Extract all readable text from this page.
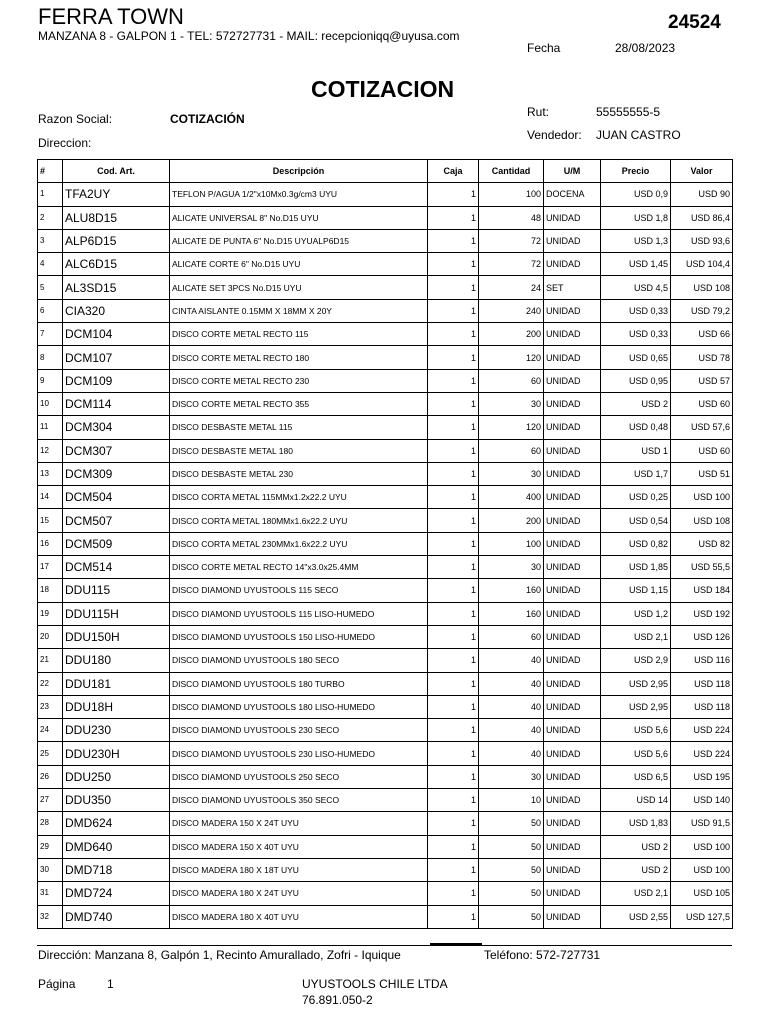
FERRA TOWN
MANZANA 8 - GALPON 1 - TEL: 572727731 - MAIL: recepcioniqq@uyusa.com
24524
Fecha	28/08/2023
COTIZACION
Razon Social:	COTIZACIÓN	Rut:	55555555-5
Direccion:
Vendedor: JUAN CASTRO
#	Cod. Art.	Descripción	Caja	Cantidad	U/M	Precio	Valor
1	TFA2UY	TEFLON P/AGUA 1/2"x10Mx0.3g/cm3 UYU	1	100	DOCENA	USD 0,9	USD 90
2	ALU8D15	ALICATE UNIVERSAL 8" No.D15 UYU	1	48	UNIDAD	USD 1,8	USD 86,4
3	ALP6D15	ALICATE DE PUNTA 6" No.D15 UYUALP6D15	1	72	UNIDAD	USD 1,3	USD 93,6
4	ALC6D15	ALICATE CORTE 6" No.D15 UYU	1	72	UNIDAD	USD 1,45	USD 104,4
5	AL3SD15	ALICATE SET 3PCS No.D15 UYU	1	24	SET	USD 4,5	USD 108
6	CIA320	CINTA AISLANTE 0.15MM X 18MM X 20Y	1	240	UNIDAD	USD 0,33	USD 79,2
7	DCM104	DISCO CORTE METAL RECTO 115	1	200	UNIDAD	USD 0,33	USD 66
8	DCM107	DISCO CORTE METAL RECTO 180	1	120	UNIDAD	USD 0,65	USD 78
9	DCM109	DISCO CORTE METAL RECTO 230	1	60	UNIDAD	USD 0,95	USD 57
10	DCM114	DISCO CORTE METAL RECTO 355	1	30	UNIDAD	USD 2	USD 60
11	DCM304	DISCO DESBASTE METAL 115	1	120	UNIDAD	USD 0,48	USD 57,6
12	DCM307	DISCO DESBASTE METAL 180	1	60	UNIDAD	USD 1	USD 60
13	DCM309	DISCO DESBASTE METAL 230	1	30	UNIDAD	USD 1,7	USD 51
14	DCM504	DISCO CORTA METAL 115MMx1.2x22.2 UYU	1	400	UNIDAD	USD 0,25	USD 100
15	DCM507	DISCO CORTA METAL 180MMx1.6x22.2 UYU	1	200	UNIDAD	USD 0,54	USD 108
16	DCM509	DISCO CORTA METAL 230MMx1.6x22.2 UYU	1	100	UNIDAD	USD 0,82	USD 82
17	DCM514	DISCO CORTE METAL RECTO 14"x3.0x25.4MM	1	30	UNIDAD	USD 1,85	USD 55,5
18	DDU115	DISCO DIAMOND UYUSTOOLS 115 SECO	1	160	UNIDAD	USD 1,15	USD 184
19	DDU115H	DISCO DIAMOND UYUSTOOLS 115 LISO-HUMEDO	1	160	UNIDAD	USD 1,2	USD 192
20	DDU150H	DISCO DIAMOND UYUSTOOLS 150 LISO-HUMEDO	1	60	UNIDAD	USD 2,1	USD 126
21	DDU180	DISCO DIAMOND UYUSTOOLS 180 SECO	1	40	UNIDAD	USD 2,9	USD 116
22	DDU181	DISCO DIAMOND UYUSTOOLS 180 TURBO	1	40	UNIDAD	USD 2,95	USD 118
23	DDU18H	DISCO DIAMOND UYUSTOOLS 180 LISO-HUMEDO	1	40	UNIDAD	USD 2,95	USD 118
24	DDU230	DISCO DIAMOND UYUSTOOLS 230 SECO	1	40	UNIDAD	USD 5,6	USD 224
25	DDU230H	DISCO DIAMOND UYUSTOOLS 230 LISO-HUMEDO	1	40	UNIDAD	USD 5,6	USD 224
26	DDU250	DISCO DIAMOND UYUSTOOLS 250 SECO	1	30	UNIDAD	USD 6,5	USD 195
27	DDU350	DISCO DIAMOND UYUSTOOLS 350 SECO	1	10	UNIDAD	USD 14	USD 140
28	DMD624	DISCO MADERA 150 X 24T UYU	1	50	UNIDAD	USD 1,83	USD 91,5
29	DMD640	DISCO MADERA 150 X 40T UYU	1	50	UNIDAD	USD 2	USD 100
30	DMD718	DISCO MADERA 180 X 18T UYU	1	50	UNIDAD	USD 2	USD 100
31	DMD724	DISCO MADERA 180 X 24T UYU	1	50	UNIDAD	USD 2,1	USD 105
32	DMD740	DISCO MADERA 180 X 40T UYU	1	50	UNIDAD	USD 2,55	USD 127,5
Dirección: Manzana 8, Galpón 1, Recinto Amurallado, Zofri - Iquique	Teléfono: 572-727731
Página	1	UYUSTOOLS CHILE LTDA
76.891.050-2
